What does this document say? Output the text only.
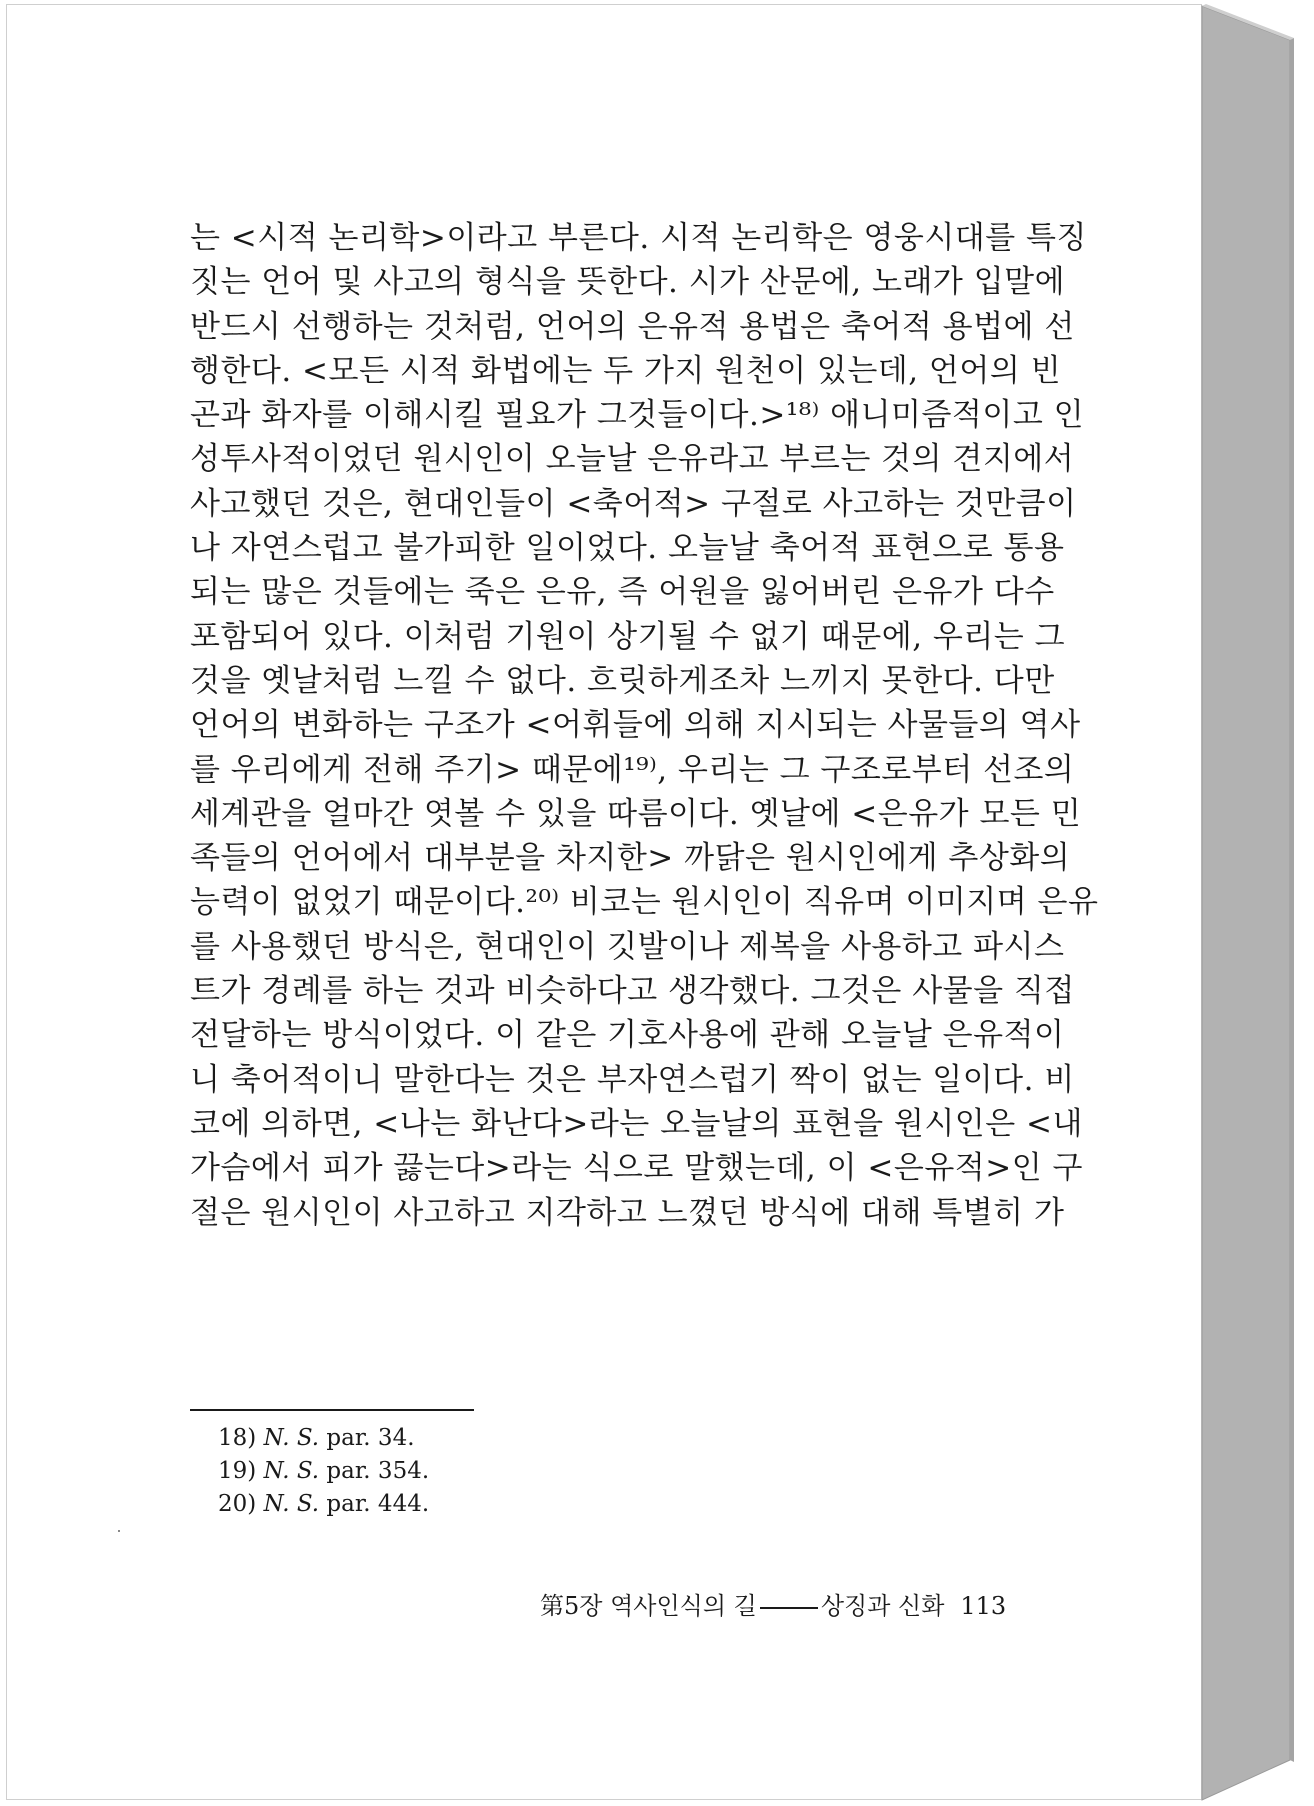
는 <시적 논리학>이라고 부른다. 시적 논리학은 영웅시대를 특징
짓는 언어 및 사고의 형식을 뜻한다. 시가 산문에, 노래가 입말에
반드시 선행하는 것처럼, 언어의 은유적 용법은 축어적 용법에 선
행한다. <모든 시적 화법에는 두 가지 원천이 있는데, 언어의 빈
곤과 화자를 이해시킬 필요가 그것들이다.>¹⁸⁾ 애니미즘적이고 인
성투사적이었던 원시인이 오늘날 은유라고 부르는 것의 견지에서
사고했던 것은, 현대인들이 <축어적> 구절로 사고하는 것만큼이
나 자연스럽고 불가피한 일이었다. 오늘날 축어적 표현으로 통용
되는 많은 것들에는 죽은 은유, 즉 어원을 잃어버린 은유가 다수
포함되어 있다. 이처럼 기원이 상기될 수 없기 때문에, 우리는 그
것을 옛날처럼 느낄 수 없다. 흐릿하게조차 느끼지 못한다. 다만
언어의 변화하는 구조가 <어휘들에 의해 지시되는 사물들의 역사
를 우리에게 전해 주기> 때문에¹⁹⁾, 우리는 그 구조로부터 선조의
세계관을 얼마간 엿볼 수 있을 따름이다. 옛날에 <은유가 모든 민
족들의 언어에서 대부분을 차지한> 까닭은 원시인에게 추상화의
능력이 없었기 때문이다.²⁰⁾ 비코는 원시인이 직유며 이미지며 은유
를 사용했던 방식은, 현대인이 깃발이나 제복을 사용하고 파시스
트가 경례를 하는 것과 비슷하다고 생각했다. 그것은 사물을 직접
전달하는 방식이었다. 이 같은 기호사용에 관해 오늘날 은유적이
니 축어적이니 말한다는 것은 부자연스럽기 짝이 없는 일이다. 비
코에 의하면, <나는 화난다>라는 오늘날의 표현을 원시인은 <내
가슴에서 피가 끓는다>라는 식으로 말했는데, 이 <은유적>인 구
절은 원시인이 사고하고 지각하고 느꼈던 방식에 대해 특별히 가
18) N. S. par. 34.
19) N. S. par. 354.
20) N. S. par. 444.
第5장 역사인식의 길	상징과 신화 113
